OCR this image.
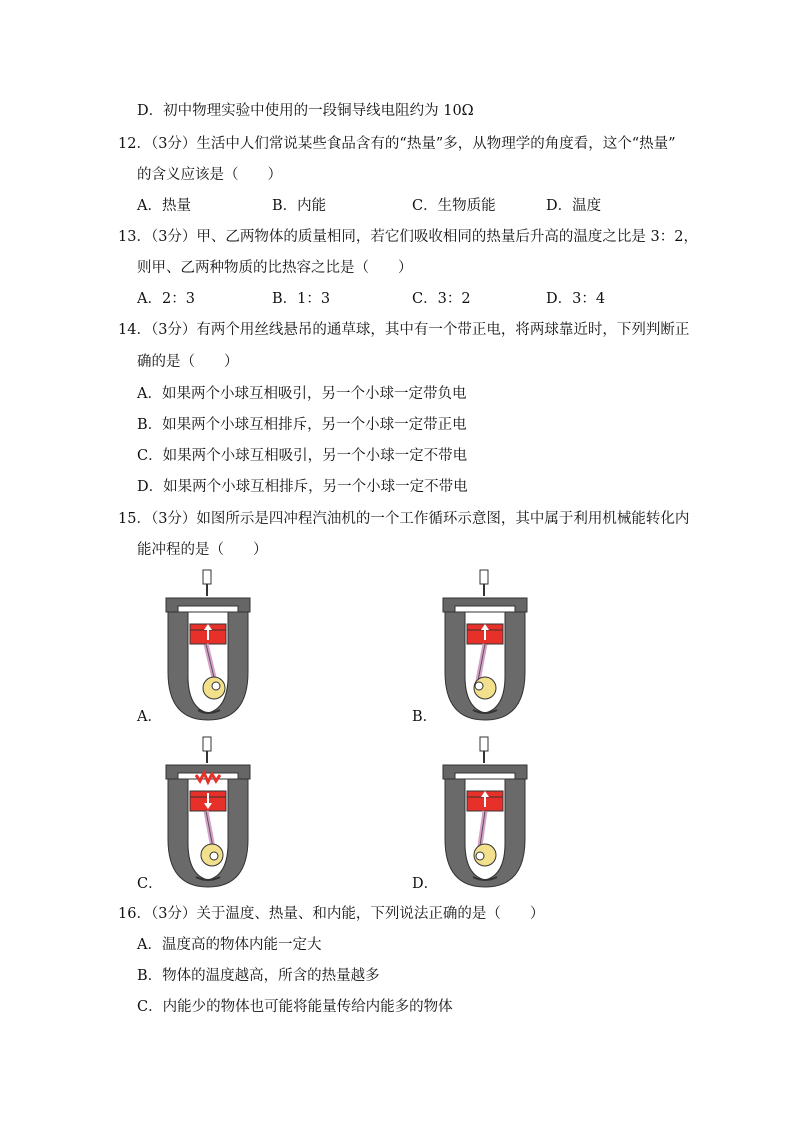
D．初中物理实验中使用的一段铜导线电阻约为 10Ω
12．（3分）生活中人们常说某些食品含有的“热量”多，从物理学的角度看，这个“热量”
的含义应该是（　　）
A．热量	B．内能	C．生物质能	D．温度
13．（3分）甲、乙两物体的质量相同，若它们吸收相同的热量后升高的温度之比是 3：2，
则甲、乙两种物质的比热容之比是（　　）
A．2：3	B．1：3	C．3：2	D．3：4
14．（3分）有两个用丝线悬吊的通草球，其中有一个带正电，将两球靠近时，下列判断正
确的是（　　）
A．如果两个小球互相吸引，另一个小球一定带负电
B．如果两个小球互相排斥，另一个小球一定带正电
C．如果两个小球互相吸引，另一个小球一定不带电
D．如果两个小球互相排斥，另一个小球一定不带电
15．（3分）如图所示是四冲程汽油机的一个工作循环示意图，其中属于利用机械能转化内
能冲程的是（　　）
A．	B．
C．	D．
16．（3分）关于温度、热量、和内能，下列说法正确的是（　　）
A．温度高的物体内能一定大
B．物体的温度越高，所含的热量越多
C．内能少的物体也可能将能量传给内能多的物体
